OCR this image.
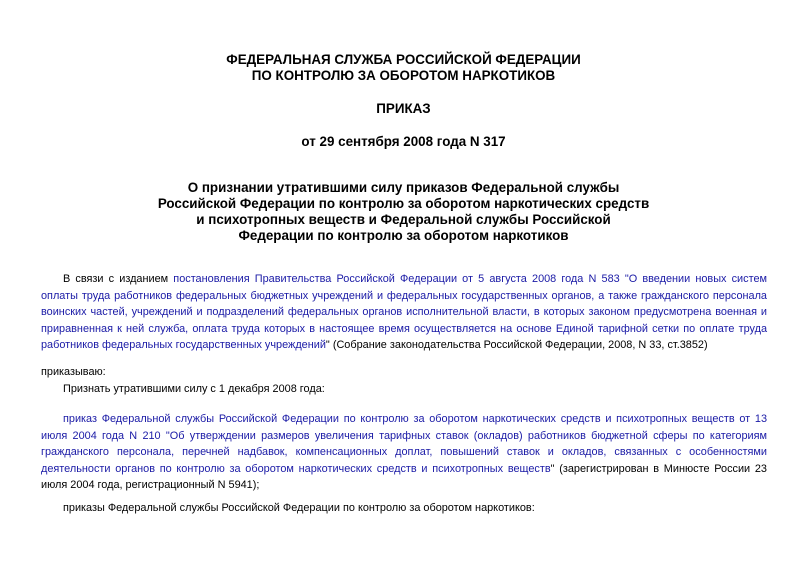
ФЕДЕРАЛЬНАЯ СЛУЖБА РОССИЙСКОЙ ФЕДЕРАЦИИ
ПО КОНТРОЛЮ ЗА ОБОРОТОМ НАРКОТИКОВ
ПРИКАЗ
от 29 сентября 2008 года N 317
О признании утратившими силу приказов Федеральной службы
Российской Федерации по контролю за оборотом наркотических средств
и психотропных веществ и Федеральной службы Российской
Федерации по контролю за оборотом наркотиков
В связи с изданием постановления Правительства Российской Федерации от 5 августа 2008 года N 583 "О введении новых систем оплаты труда работников федеральных бюджетных учреждений и федеральных государственных органов, а также гражданского персонала воинских частей, учреждений и подразделений федеральных органов исполнительной власти, в которых законом предусмотрена военная и приравненная к ней служба, оплата труда которых в настоящее время осуществляется на основе Единой тарифной сетки по оплате труда работников федеральных государственных учреждений" (Собрание законодательства Российской Федерации, 2008, N 33, ст.3852)
приказываю:
Признать утратившими силу с 1 декабря 2008 года:
приказ Федеральной службы Российской Федерации по контролю за оборотом наркотических средств и психотропных веществ от 13 июля 2004 года N 210 "Об утверждении размеров увеличения тарифных ставок (окладов) работников бюджетной сферы по категориям гражданского персонала, перечней надбавок, компенсационных доплат, повышений ставок и окладов, связанных с особенностями деятельности органов по контролю за оборотом наркотических средств и психотропных веществ" (зарегистрирован в Минюсте России 23 июля 2004 года, регистрационный N 5941);
приказы Федеральной службы Российской Федерации по контролю за оборотом наркотиков:
